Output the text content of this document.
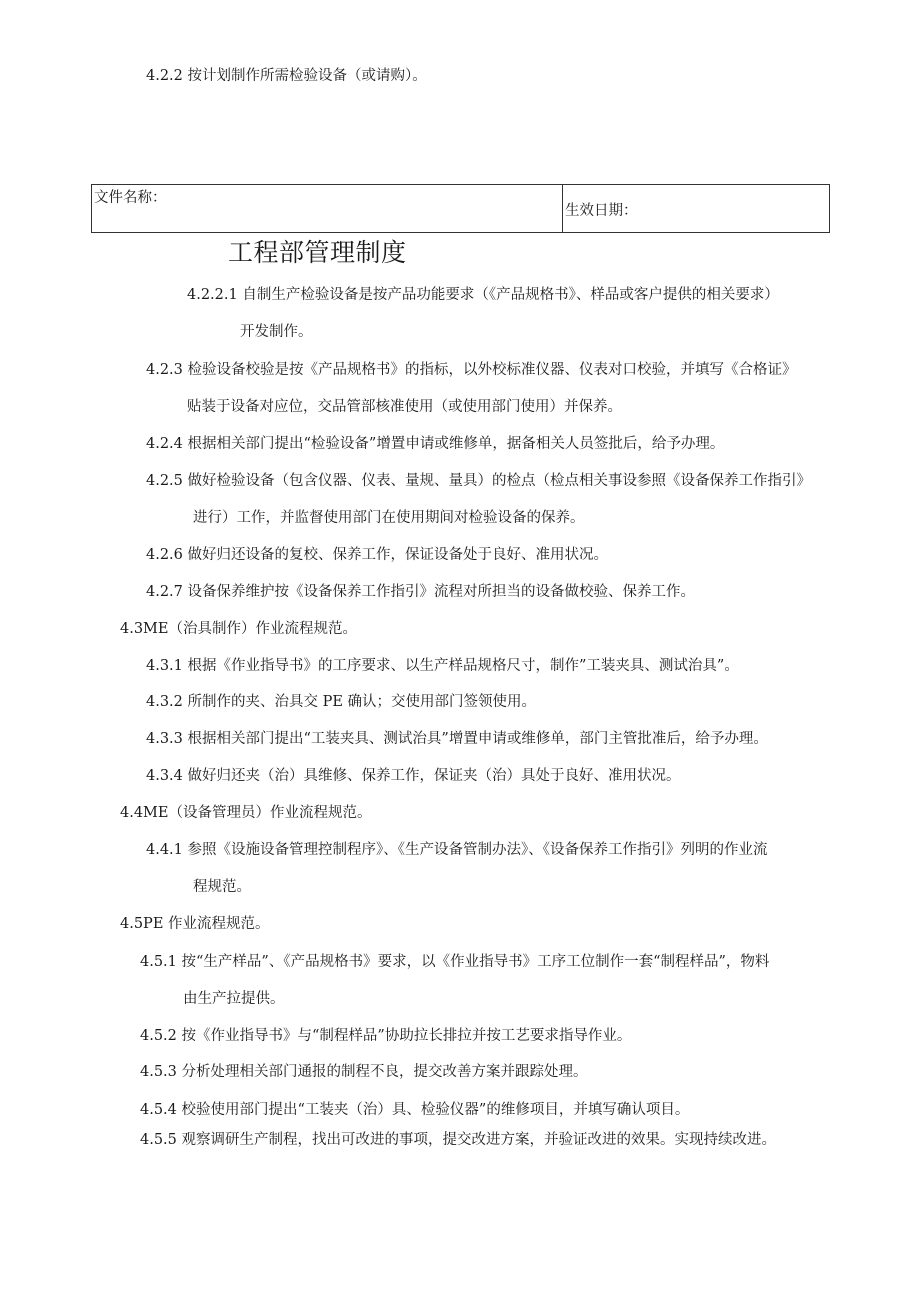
4.2.2 按计划制作所需检验设备（或请购）。
文件名称：
生效日期：
工程部管理制度
4.2.2.1 自制生产检验设备是按产品功能要求（《产品规格书》、样品或客户提供的相关要求）
开发制作。
4.2.3 检验设备校验是按《产品规格书》的指标，以外校标准仪器、仪表对口校验，并填写《合格证》
贴装于设备对应位，交品管部核准使用（或使用部门使用）并保养。
4.2.4 根据相关部门提出“检验设备”增置申请或维修单，据备相关人员签批后，给予办理。
4.2.5 做好检验设备（包含仪器、仪表、量规、量具）的检点（检点相关事设参照《设备保养工作指引》
进行）工作，并监督使用部门在使用期间对检验设备的保养。
4.2.6 做好归还设备的复校、保养工作，保证设备处于良好、准用状况。
4.2.7 设备保养维护按《设备保养工作指引》流程对所担当的设备做校验、保养工作。
4.3ME（治具制作）作业流程规范。
4.3.1 根据《作业指导书》的工序要求、以生产样品规格尺寸，制作”工装夹具、测试治具”。
4.3.2 所制作的夹、治具交 PE 确认；交使用部门签领使用。
4.3.3 根据相关部门提出“工装夹具、测试治具”增置申请或维修单，部门主管批准后，给予办理。
4.3.4 做好归还夹（治）具维修、保养工作，保证夹（治）具处于良好、准用状况。
4.4ME（设备管理员）作业流程规范。
4.4.1 参照《设施设备管理控制程序》、《生产设备管制办法》、《设备保养工作指引》列明的作业流
程规范。
4.5PE 作业流程规范。
4.5.1 按“生产样品”、《产品规格书》要求，以《作业指导书》工序工位制作一套“制程样品”，物料
由生产拉提供。
4.5.2 按《作业指导书》与“制程样品”协助拉长排拉并按工艺要求指导作业。
4.5.3 分析处理相关部门通报的制程不良，提交改善方案并跟踪处理。
4.5.4 校验使用部门提出“工装夹（治）具、检验仪器”的维修项目，并填写确认项目。
4.5.5 观察调研生产制程，找出可改进的事项，提交改进方案，并验证改进的效果。实现持续改进。
